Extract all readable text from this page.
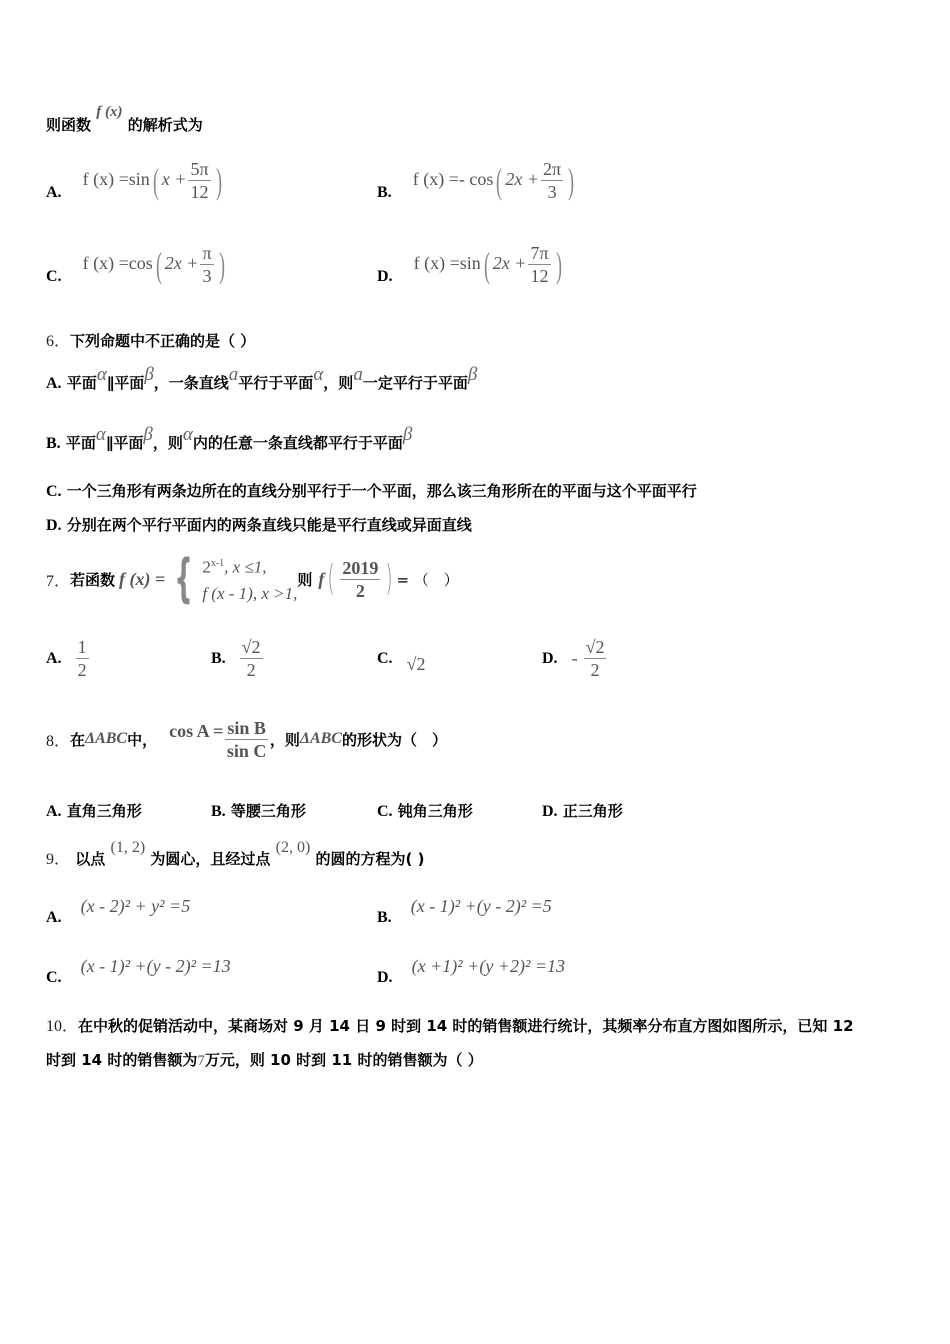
则函数 f (x) 的解析式为
A. f (x) =sin( $x + \frac{5\pi}{12}$ )	B. f (x) =- cos( $2x + \frac{2\pi}{3}$ )
C. f (x) =cos( $2x + \frac{\pi}{3}$ )	D. f (x) =sin( $2x + \frac{7\pi}{12}$ )
6．下列命题中不正确的是（ ）
A. 平面α∥平面β，一条直线a平行于平面α，则a一定平行于平面β
B. 平面α∥平面β，则α内的任意一条直线都平行于平面β
C. 一个三角形有两条边所在的直线分别平行于一个平面，那么该三角形所在的平面与这个平面平行
D. 分别在两个平行平面内的两条直线只能是平行直线或异面直线
7． 若函数 f (x) = { 2$^{x-1}$, x ≤1,
f (x - 1), x >1,
则 f ( $\frac{2019}{2}$ ) = （　）
A. $\frac{1}{2}$	B. $\frac{√2}{2}$	C. √2	D. - $\frac{√2}{2}$
8． 在 ΔABC 中， $\cos A = \frac{\text{sin B}}{\text{sin C}}$ ，则 ΔABC 的形状为（　）
A. 直角三角形	B. 等腰三角形	C. 钝角三角形	D. 正三角形
9． 以点 (1, 2) 为圆心，且经过点 (2, 0) 的圆的方程为( )
A. (x - 2)² + y² =5
B. (x - 1)² +(y - 2)² =5
C. (x - 1)² +(y - 2)² =13
D. (x +1)² +(y +2)² =13
10．在中秋的促销活动中，某商场对 9 月 14 日 9 时到 14 时的销售额进行统计，其频率分布直方图如图所示，已知 12
时到 14 时的销售额为7万元，则 10 时到 11 时的销售额为（ ）
